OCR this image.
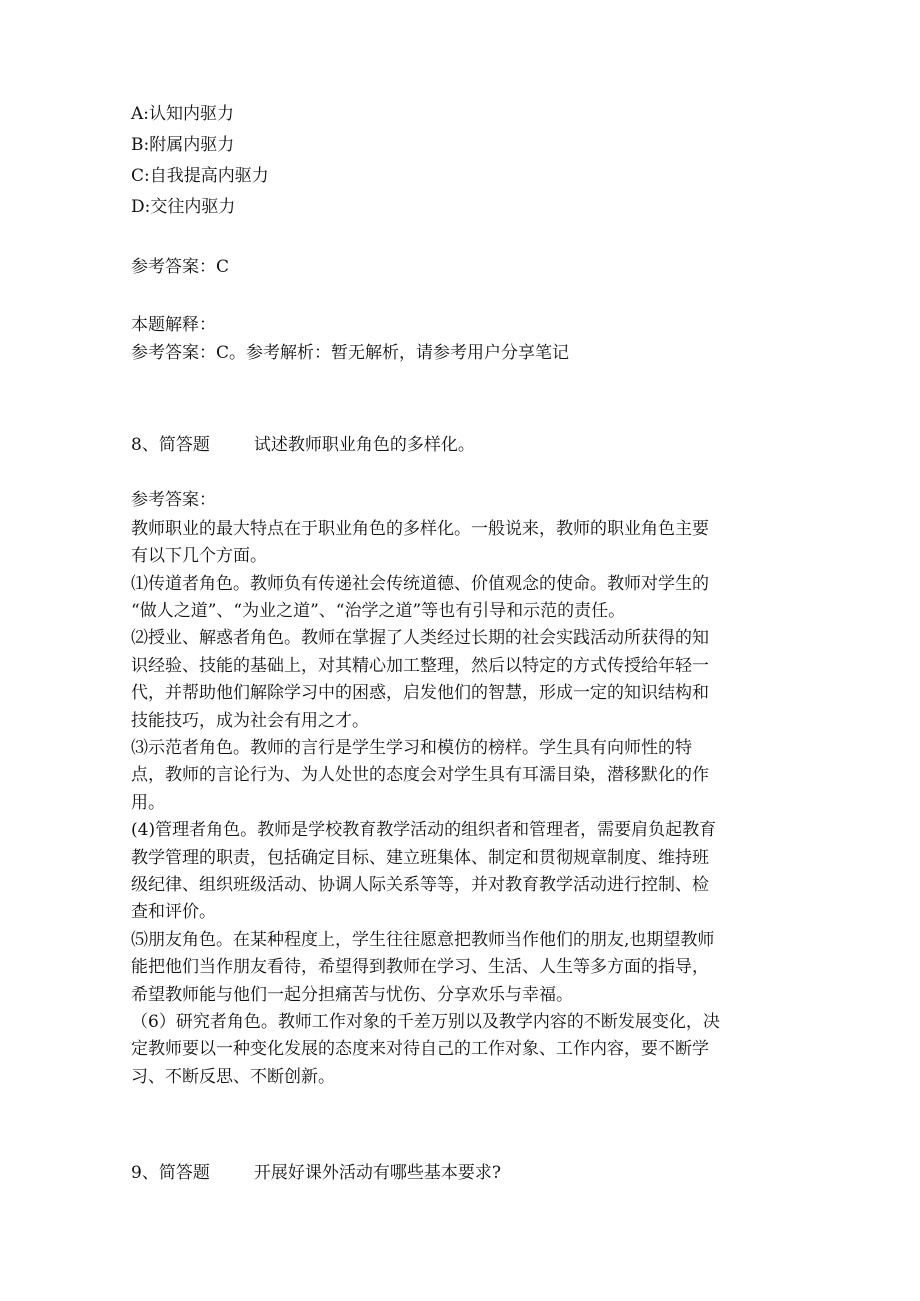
A:认知内驱力
B:附属内驱力
C:自我提高内驱力
D:交往内驱力
参考答案：C
本题解释：
参考答案：C。参考解析：暂无解析，请参考用户分享笔记
8、简答题	试述教师职业角色的多样化。
参考答案：
教师职业的最大特点在于职业角色的多样化。一般说来，教师的职业角色主要
有以下几个方面。
⑴传道者角色。教师负有传递社会传统道德、价值观念的使命。教师对学生的
“做人之道”、“为业之道”、“治学之道”等也有引导和示范的责任。
⑵授业、解惑者角色。教师在掌握了人类经过长期的社会实践活动所获得的知
识经验、技能的基础上，对其精心加工整理，然后以特定的方式传授给年轻一
代，并帮助他们解除学习中的困惑，启发他们的智慧，形成一定的知识结构和
技能技巧，成为社会有用之才。
⑶示范者角色。教师的言行是学生学习和模仿的榜样。学生具有向师性的特
点，教师的言论行为、为人处世的态度会对学生具有耳濡目染，潜移默化的作
用。
(4)管理者角色。教师是学校教育教学活动的组织者和管理者，需要肩负起教育
教学管理的职责，包括确定目标、建立班集体、制定和贯彻规章制度、维持班
级纪律、组织班级活动、协调人际关系等等，并对教育教学活动进行控制、检
查和评价。
⑸朋友角色。在某种程度上，学生往往愿意把教师当作他们的朋友,也期望教师
能把他们当作朋友看待，希望得到教师在学习、生活、人生等多方面的指导，
希望教师能与他们一起分担痛苦与忧伤、分享欢乐与幸福。
（6）研究者角色。教师工作对象的千差万别以及教学内容的不断发展变化，决
定教师要以一种变化发展的态度来对待自己的工作对象、工作内容，要不断学
习、不断反思、不断创新。
9、简答题	开展好课外活动有哪些基本要求?
